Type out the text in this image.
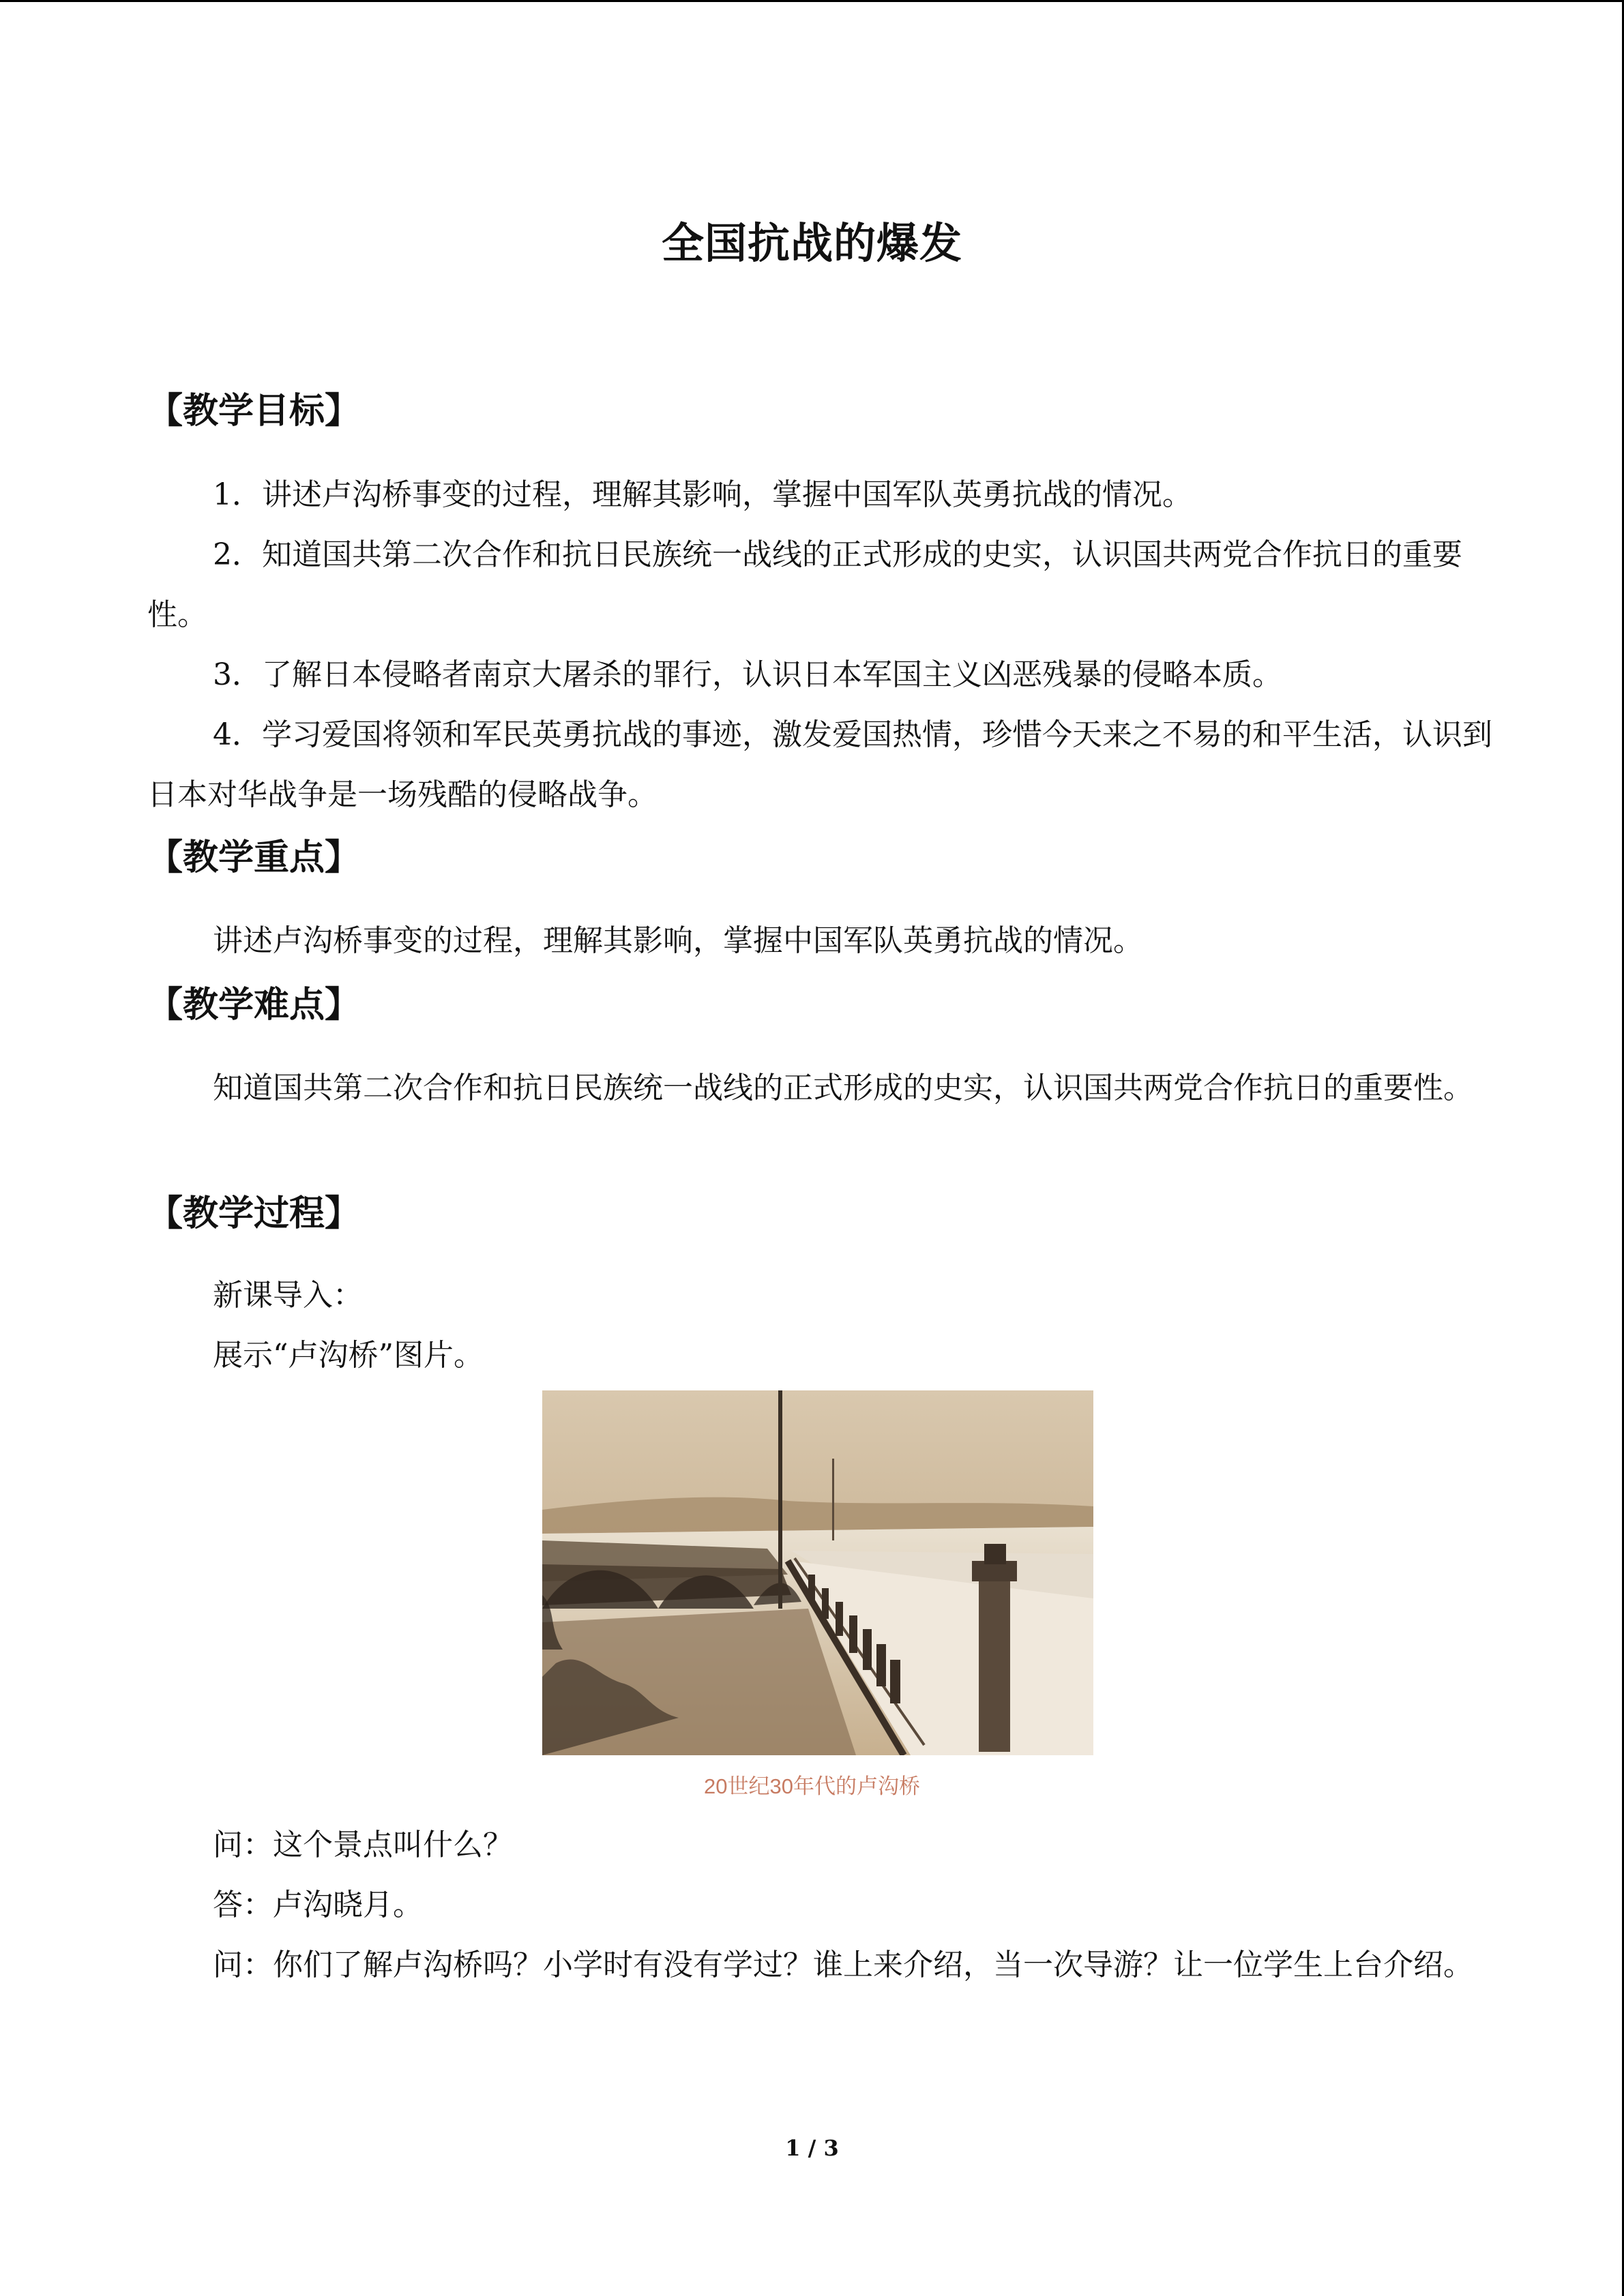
全国抗战的爆发
【教学目标】

1．讲述卢沟桥事变的过程，理解其影响，掌握中国军队英勇抗战的情况。

2．知道国共第二次合作和抗日民族统一战线的正式形成的史实，认识国共两党合作抗日的重要性。

3．了解日本侵略者南京大屠杀的罪行，认识日本军国主义凶恶残暴的侵略本质。

4．学习爱国将领和军民英勇抗战的事迹，激发爱国热情，珍惜今天来之不易的和平生活，认识到日本对华战争是一场残酷的侵略战争。

【教学重点】

讲述卢沟桥事变的过程，理解其影响，掌握中国军队英勇抗战的情况。

【教学难点】

知道国共第二次合作和抗日民族统一战线的正式形成的史实，认识国共两党合作抗日的重要性。

【教学过程】

新课导入：

展示“卢沟桥”图片。

20世纪30年代的卢沟桥

问：这个景点叫什么？

答：卢沟晓月。

问：你们了解卢沟桥吗？小学时有没有学过？谁上来介绍，当一次导游？让一位学生上台介绍。

1 / 3
